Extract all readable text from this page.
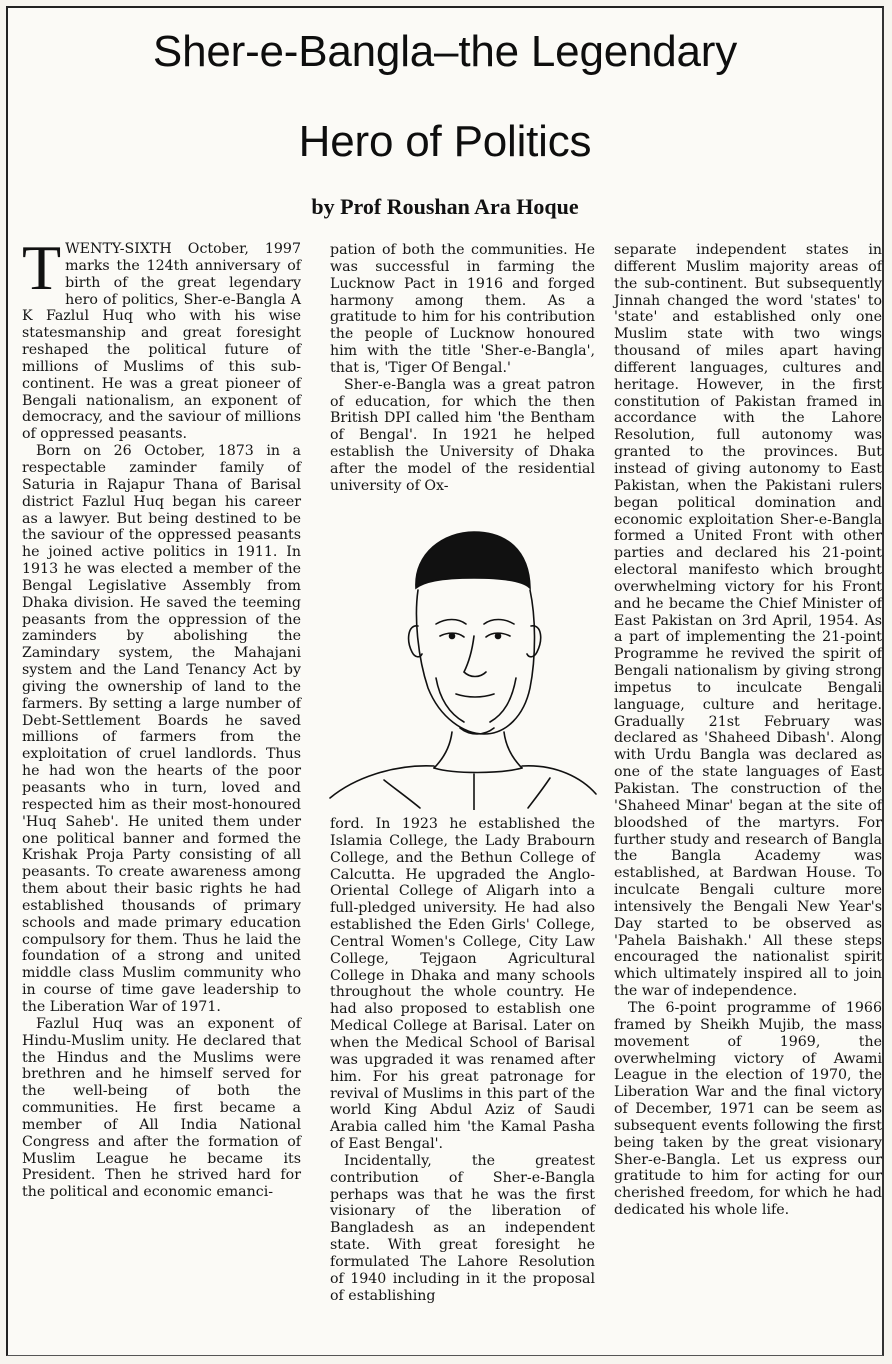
Sher-e-Bangla–the Legendary
Hero of Politics
by Prof Roushan Ara Hoque

TWENTY-SIXTH October, 1997 marks the 124th anniversary of birth of the great legendary hero of politics, Sher-e-Bangla A K Fazlul Huq who with his wise statesmanship and great foresight reshaped the political future of millions of Muslims of this sub-continent. He was a great pioneer of Bengali nationalism, an exponent of democracy, and the saviour of millions of oppressed peasants.

Born on 26 October, 1873 in a respectable zaminder family of Saturia in Rajapur Thana of Barisal district Fazlul Huq began his career as a lawyer. But being destined to be the saviour of the oppressed peasants he joined active politics in 1911. In 1913 he was elected a member of the Bengal Legislative Assembly from Dhaka division. He saved the teeming peasants from the oppression of the zaminders by abolishing the Zamindary system, the Mahajani system and the Land Tenancy Act by giving the ownership of land to the farmers. By setting a large number of Debt-Settlement Boards he saved millions of farmers from the exploitation of cruel landlords. Thus he had won the hearts of the poor peasants who in turn, loved and respected him as their most-honoured 'Huq Saheb'. He united them under one political banner and formed the Krishak Proja Party consisting of all peasants. To create awareness among them about their basic rights he had established thousands of primary schools and made primary education compulsory for them. Thus he laid the foundation of a strong and united middle class Muslim community who in course of time gave leadership to the Liberation War of 1971.

Fazlul Huq was an exponent of Hindu-Muslim unity. He declared that the Hindus and the Muslims were brethren and he himself served for the well-being of both the communities. He first became a member of All India National Congress and after the formation of Muslim League he became its President. Then he strived hard for the political and economic emanci-

pation of both the communities. He was successful in farming the Lucknow Pact in 1916 and forged harmony among them. As a gratitude to him for his contribution the people of Lucknow honoured him with the title 'Sher-e-Bangla', that is, 'Tiger Of Bengal.'

Sher-e-Bangla was a great patron of education, for which the then British DPI called him 'the Bentham of Bengal'. In 1921 he helped establish the University of Dhaka after the model of the residential university of Ox-

ford. In 1923 he established the Islamia College, the Lady Brabourn College, and the Bethun College of Calcutta. He upgraded the Anglo-Oriental College of Aligarh into a full-pledged university. He had also established the Eden Girls' College, Central Women's College, City Law College, Tejgaon Agricultural College in Dhaka and many schools throughout the whole country. He had also proposed to establish one Medical College at Barisal. Later on when the Medical School of Barisal was upgraded it was renamed after him. For his great patronage for revival of Muslims in this part of the world King Abdul Aziz of Saudi Arabia called him 'the Kamal Pasha of East Bengal'.

Incidentally, the greatest contribution of Sher-e-Bangla perhaps was that he was the first visionary of the liberation of Bangladesh as an independent state. With great foresight he formulated The Lahore Resolution of 1940 including in it the proposal of establishing

separate independent states in different Muslim majority areas of the sub-continent. But subsequently Jinnah changed the word 'states' to 'state' and established only one Muslim state with two wings thousand of miles apart having different languages, cultures and heritage. However, in the first constitution of Pakistan framed in accordance with the Lahore Resolution, full autonomy was granted to the provinces. But instead of giving autonomy to East Pakistan, when the Pakistani rulers began political domination and economic exploitation Sher-e-Bangla formed a United Front with other parties and declared his 21-point electoral manifesto which brought overwhelming victory for his Front and he became the Chief Minister of East Pakistan on 3rd April, 1954. As a part of implementing the 21-point Programme he revived the spirit of Bengali nationalism by giving strong impetus to inculcate Bengali language, culture and heritage. Gradually 21st February was declared as 'Shaheed Dibash'. Along with Urdu Bangla was declared as one of the state languages of East Pakistan. The construction of the 'Shaheed Minar' began at the site of bloodshed of the martyrs. For further study and research of Bangla the Bangla Academy was established, at Bardwan House. To inculcate Bengali culture more intensively the Bengali New Year's Day started to be observed as 'Pahela Baishakh.' All these steps encouraged the nationalist spirit which ultimately inspired all to join the war of independence.

The 6-point programme of 1966 framed by Sheikh Mujib, the mass movement of 1969, the overwhelming victory of Awami League in the election of 1970, the Liberation War and the final victory of December, 1971 can be seem as subsequent events following the first being taken by the great visionary Sher-e-Bangla. Let us express our gratitude to him for acting for our cherished freedom, for which he had dedicated his whole life.
